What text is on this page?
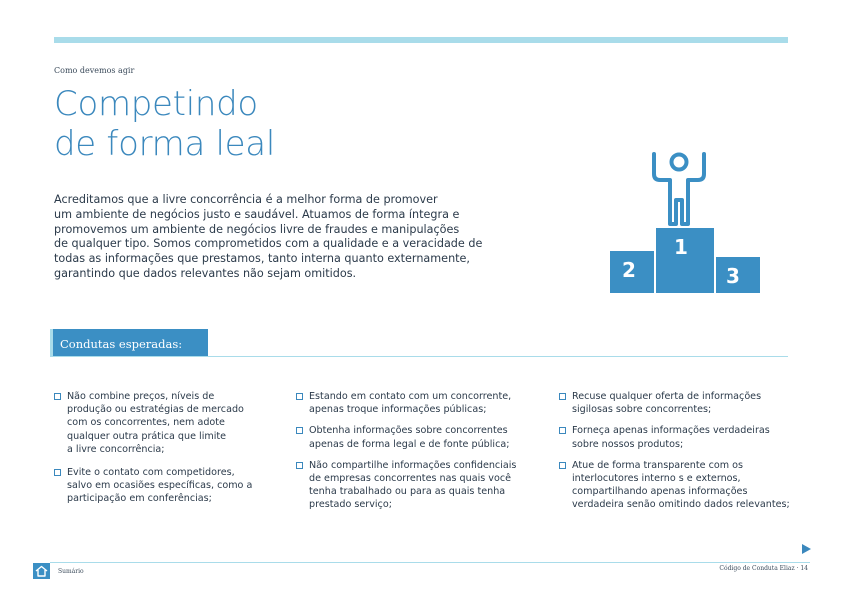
Como devemos agir
Competindo
de forma leal
Acreditamos que a livre concorrência é a melhor forma de promover
um ambiente de negócios justo e saudável. Atuamos de forma íntegra e
promovemos um ambiente de negócios livre de fraudes e manipulações
de qualquer tipo. Somos comprometidos com a qualidade e a veracidade de
todas as informações que prestamos, tanto interna quanto externamente,
garantindo que dados relevantes não sejam omitidos.	2
1
3
Condutas esperadas:
Não combine preços, níveis de
produção ou estratégias de mercado
com os concorrentes, nem adote
qualquer outra prática que limite
a livre concorrência;
Evite o contato com competidores,
salvo em ocasiões específicas, como a
participação em conferências;
Estando em contato com um concorrente,
apenas troque informações públicas;
Obtenha informações sobre concorrentes
apenas de forma legal e de fonte pública;
Não compartilhe informações confidenciais
de empresas concorrentes nas quais você
tenha trabalhado ou para as quais tenha
prestado serviço;
Recuse qualquer oferta de informações
sigilosas sobre concorrentes;
Forneça apenas informações verdadeiras
sobre nossos produtos;
Atue de forma transparente com os
interlocutores interno s e externos,
compartilhando apenas informações
verdadeira senão omitindo dados relevantes;
Sumário	Código de Conduta Eliaz · 14
